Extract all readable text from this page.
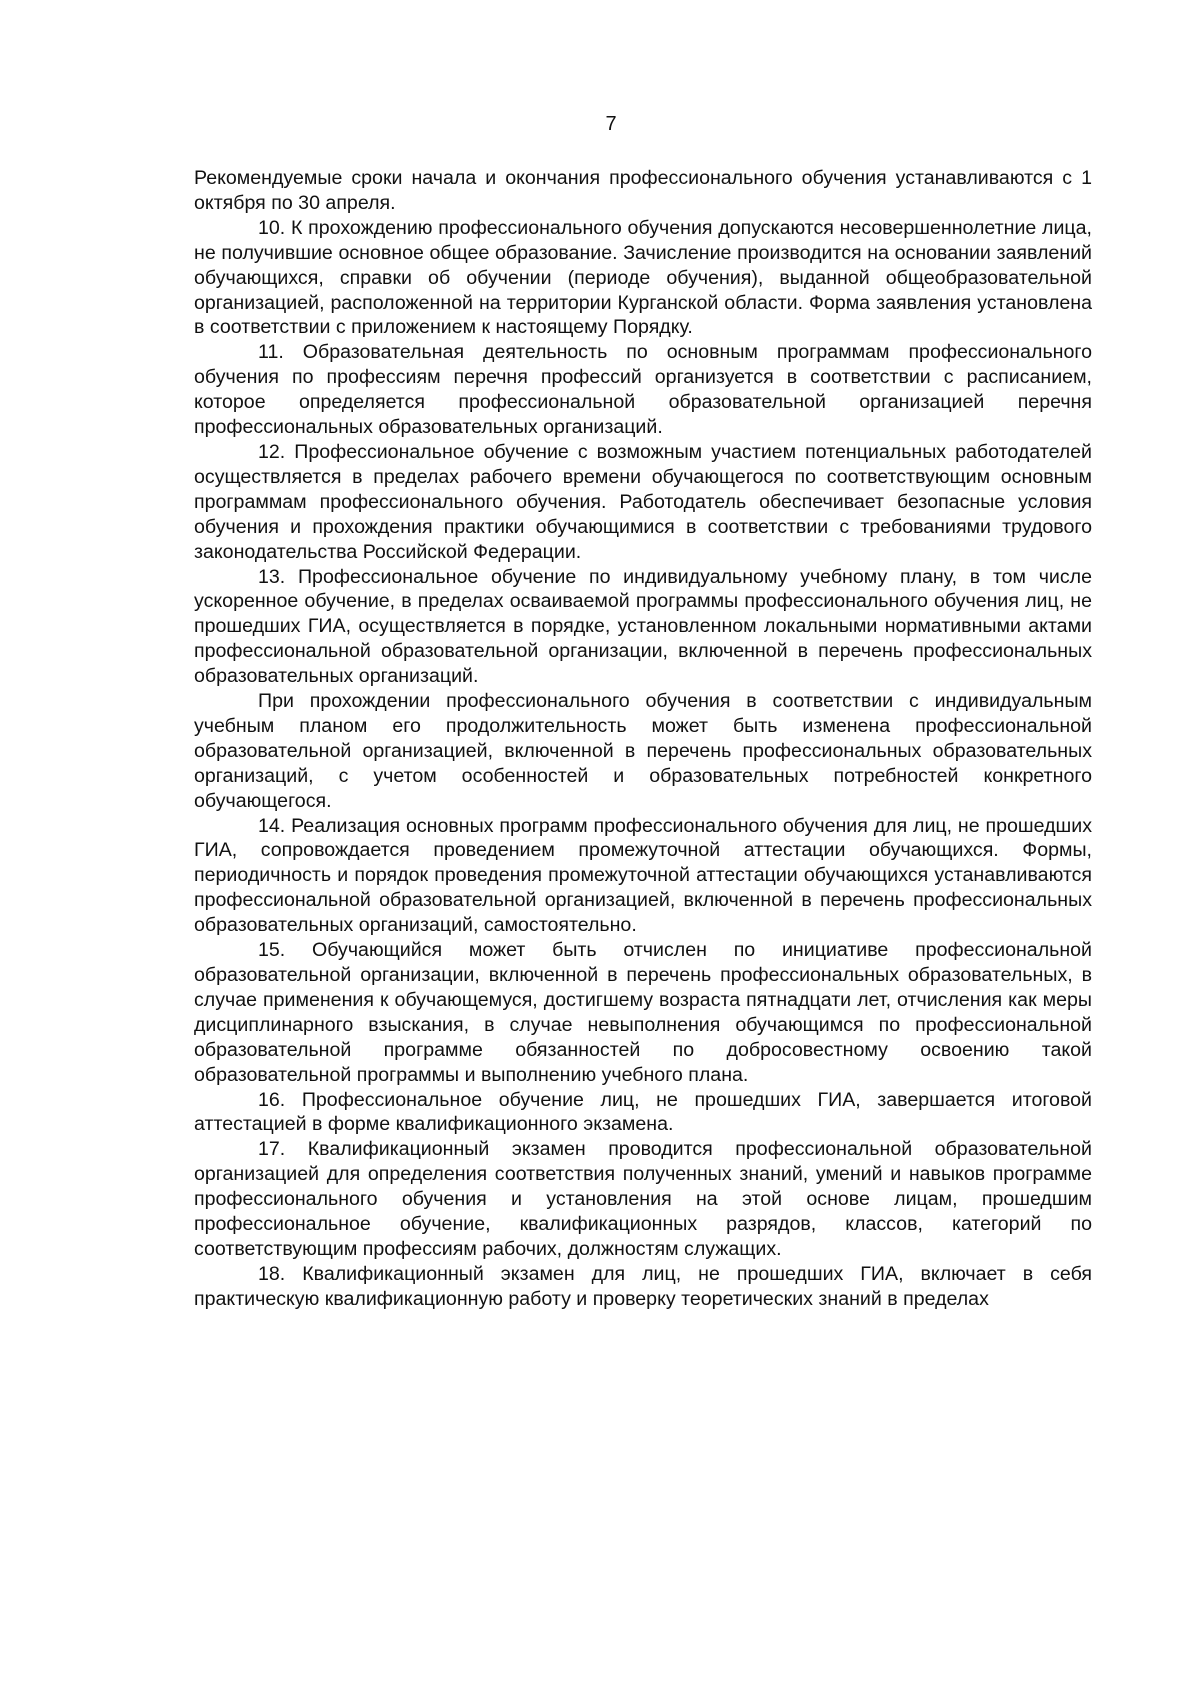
7

Рекомендуемые сроки начала и окончания профессионального обучения устанавливаются с 1 октября по 30 апреля.

10. К прохождению профессионального обучения допускаются несовершеннолетние лица, не получившие основное общее образование. Зачисление производится на основании заявлений обучающихся, справки об обучении (периоде обучения), выданной общеобразовательной организацией, расположенной на территории Курганской области. Форма заявления установлена в соответствии с приложением к настоящему Порядку.

11. Образовательная деятельность по основным программам профессионального обучения по профессиям перечня профессий организуется в соответствии с расписанием, которое определяется профессиональной образовательной организацией перечня профессиональных образовательных организаций.

12. Профессиональное обучение с возможным участием потенциальных работодателей осуществляется в пределах рабочего времени обучающегося по соответствующим основным программам профессионального обучения. Работодатель обеспечивает безопасные условия обучения и прохождения практики обучающимися в соответствии с требованиями трудового законодательства Российской Федерации.

13. Профессиональное обучение по индивидуальному учебному плану, в том числе ускоренное обучение, в пределах осваиваемой программы профессионального обучения лиц, не прошедших ГИА, осуществляется в порядке, установленном локальными нормативными актами профессиональной образовательной организации, включенной в перечень профессиональных образовательных организаций.

При прохождении профессионального обучения в соответствии с индивидуальным учебным планом его продолжительность может быть изменена профессиональной образовательной организацией, включенной в перечень профессиональных образовательных организаций, с учетом особенностей и образовательных потребностей конкретного обучающегося.

14. Реализация основных программ профессионального обучения для лиц, не прошедших ГИА, сопровождается проведением промежуточной аттестации обучающихся. Формы, периодичность и порядок проведения промежуточной аттестации обучающихся устанавливаются профессиональной образовательной организацией, включенной в перечень профессиональных образовательных организаций, самостоятельно.

15. Обучающийся может быть отчислен по инициативе профессиональной образовательной организации, включенной в перечень профессиональных образовательных, в случае применения к обучающемуся, достигшему возраста пятнадцати лет, отчисления как меры дисциплинарного взыскания, в случае невыполнения обучающимся по профессиональной образовательной программе обязанностей по добросовестному освоению такой образовательной программы и выполнению учебного плана.

16. Профессиональное обучение лиц, не прошедших ГИА, завершается итоговой аттестацией в форме квалификационного экзамена.

17. Квалификационный экзамен проводится профессиональной образовательной организацией для определения соответствия полученных знаний, умений и навыков программе профессионального обучения и установления на этой основе лицам, прошедшим профессиональное обучение, квалификационных разрядов, классов, категорий по соответствующим профессиям рабочих, должностям служащих.

18. Квалификационный экзамен для лиц, не прошедших ГИА, включает в себя практическую квалификационную работу и проверку теоретических знаний в пределах
